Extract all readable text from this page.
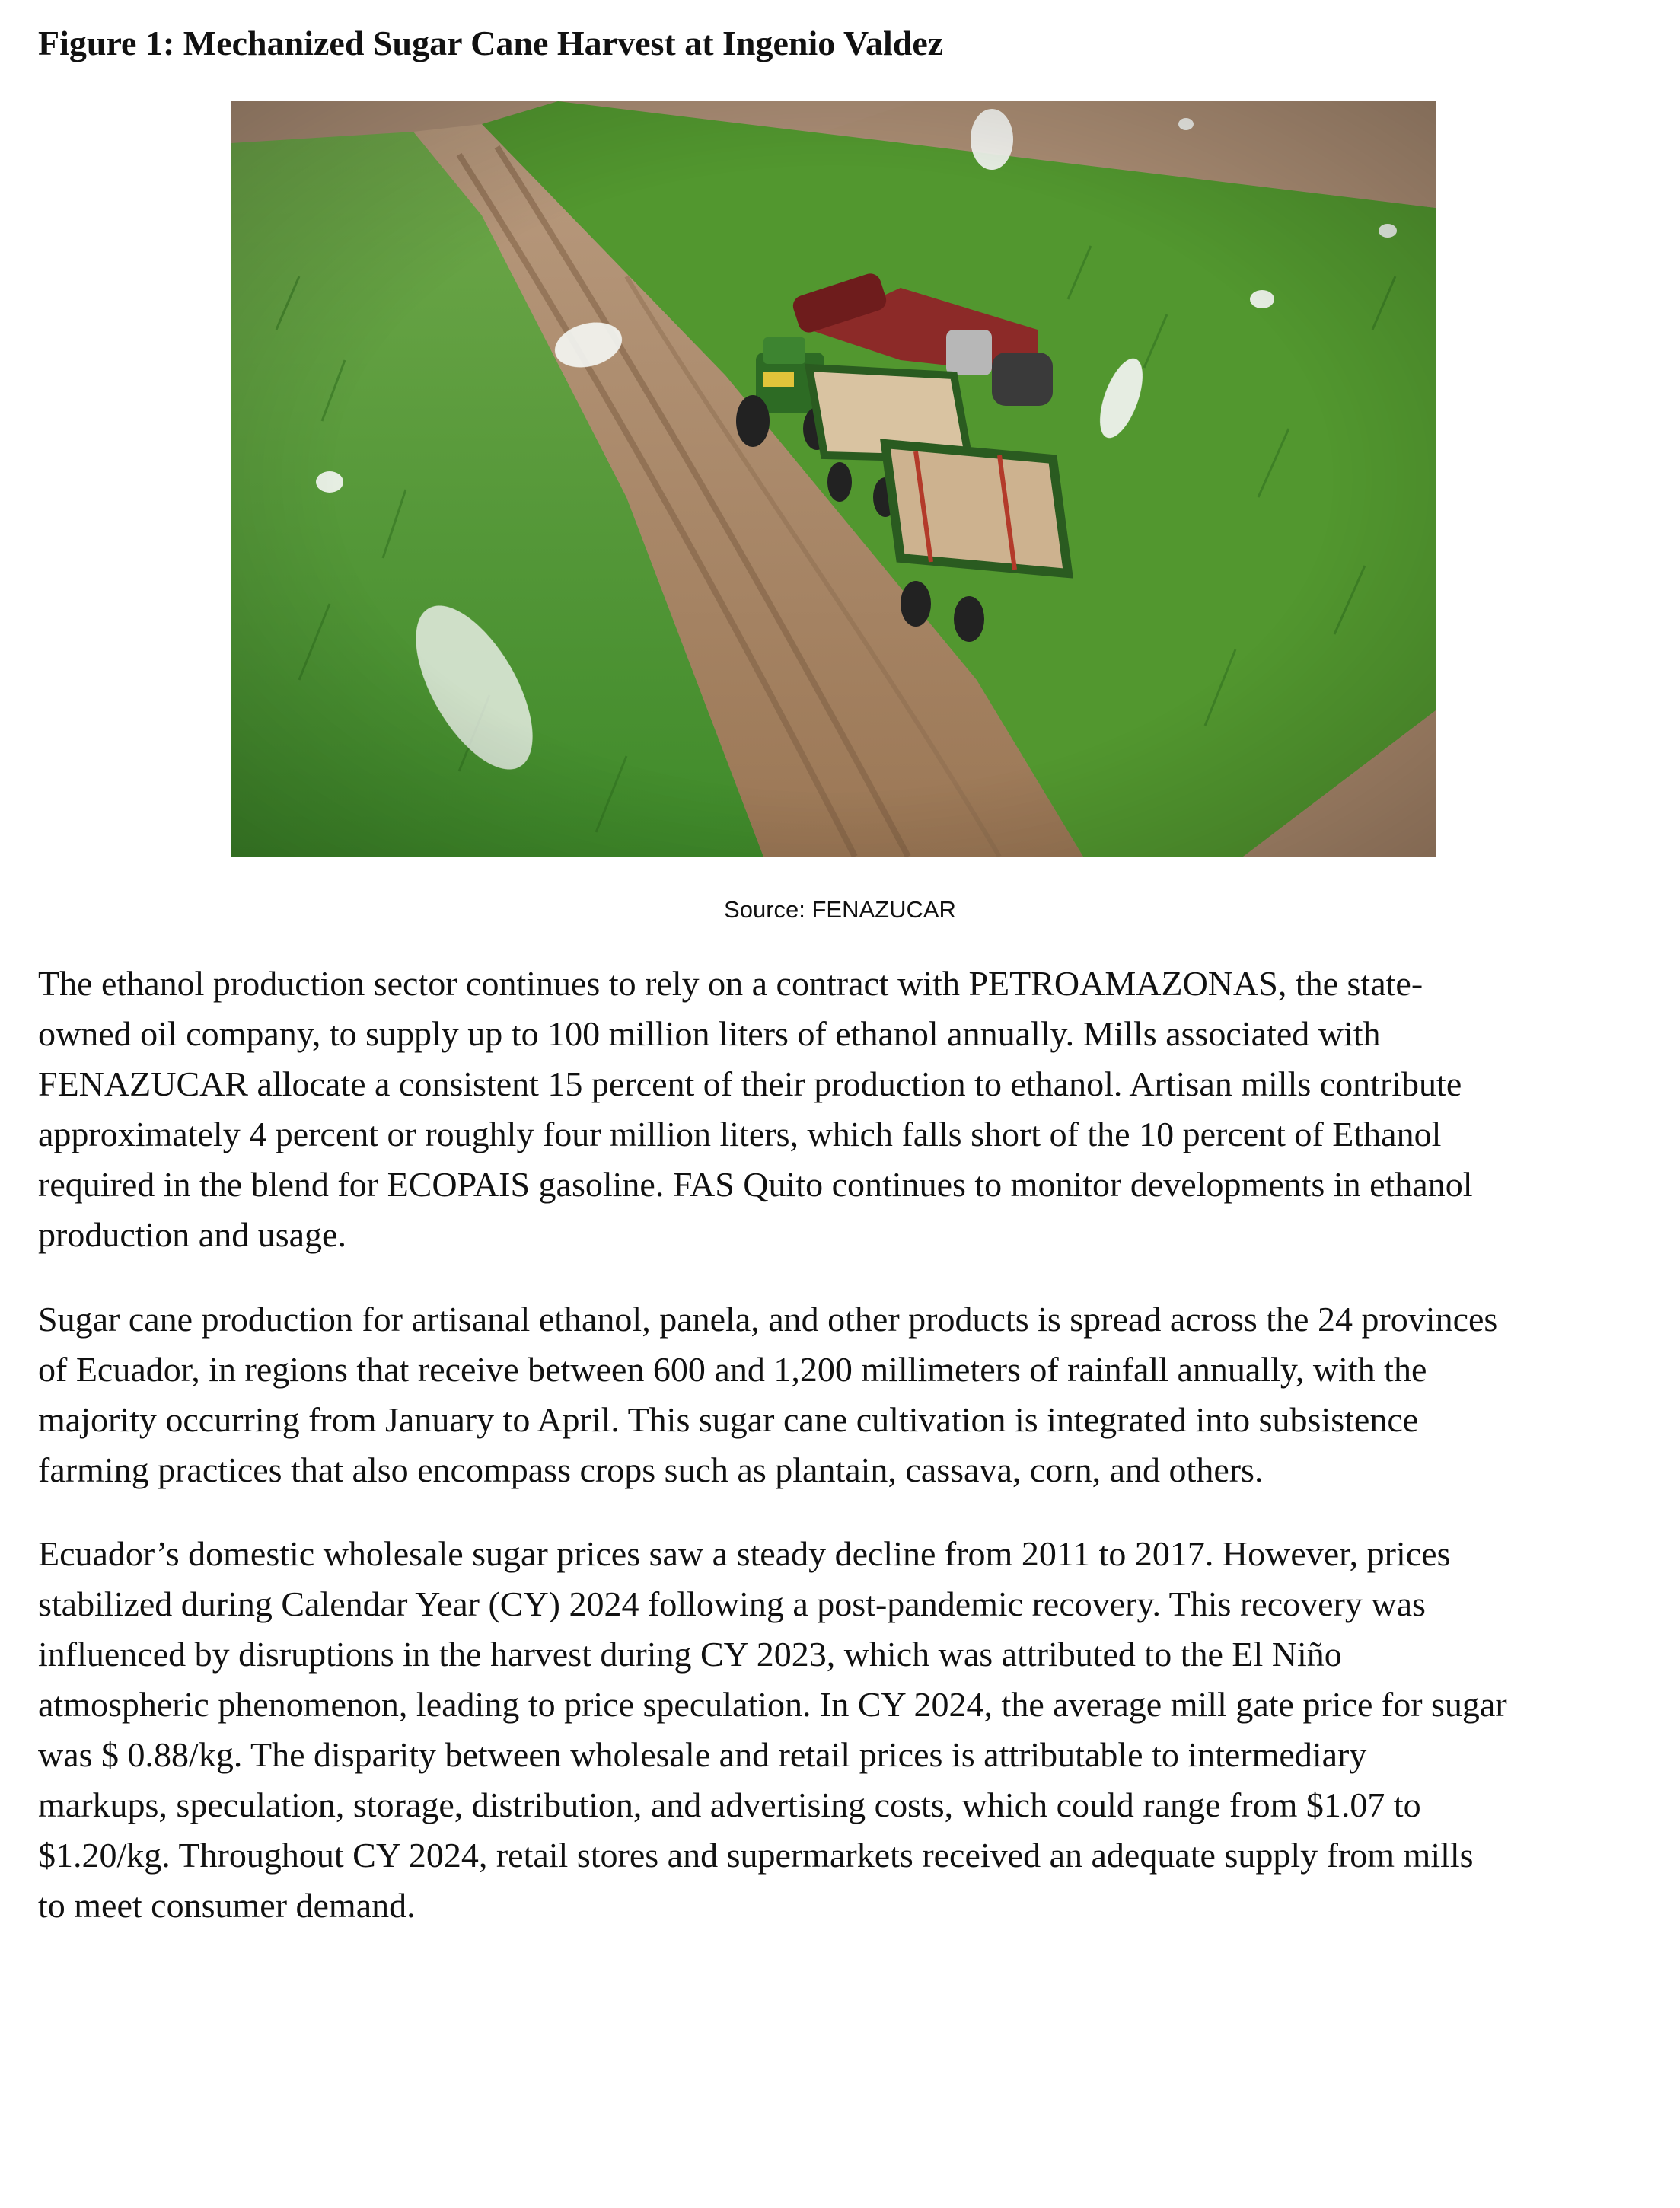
Figure 1: Mechanized Sugar Cane Harvest at Ingenio Valdez
Source: FENAZUCAR
The ethanol production sector continues to rely on a contract with PETROAMAZONAS, the state-
owned oil company, to supply up to 100 million liters of ethanol annually. Mills associated with
FENAZUCAR allocate a consistent 15 percent of their production to ethanol. Artisan mills contribute
approximately 4 percent or roughly four million liters, which falls short of the 10 percent of Ethanol
required in the blend for ECOPAIS gasoline. FAS Quito continues to monitor developments in ethanol
production and usage.
Sugar cane production for artisanal ethanol, panela, and other products is spread across the 24 provinces
of Ecuador, in regions that receive between 600 and 1,200 millimeters of rainfall annually, with the
majority occurring from January to April. This sugar cane cultivation is integrated into subsistence
farming practices that also encompass crops such as plantain, cassava, corn, and others.
Ecuador’s domestic wholesale sugar prices saw a steady decline from 2011 to 2017. However, prices
stabilized during Calendar Year (CY) 2024 following a post-pandemic recovery. This recovery was
influenced by disruptions in the harvest during CY 2023, which was attributed to the El Niño
atmospheric phenomenon, leading to price speculation. In CY 2024, the average mill gate price for sugar
was $ 0.88/kg. The disparity between wholesale and retail prices is attributable to intermediary
markups, speculation, storage, distribution, and advertising costs, which could range from $1.07 to
$1.20/kg. Throughout CY 2024, retail stores and supermarkets received an adequate supply from mills
to meet consumer demand.
